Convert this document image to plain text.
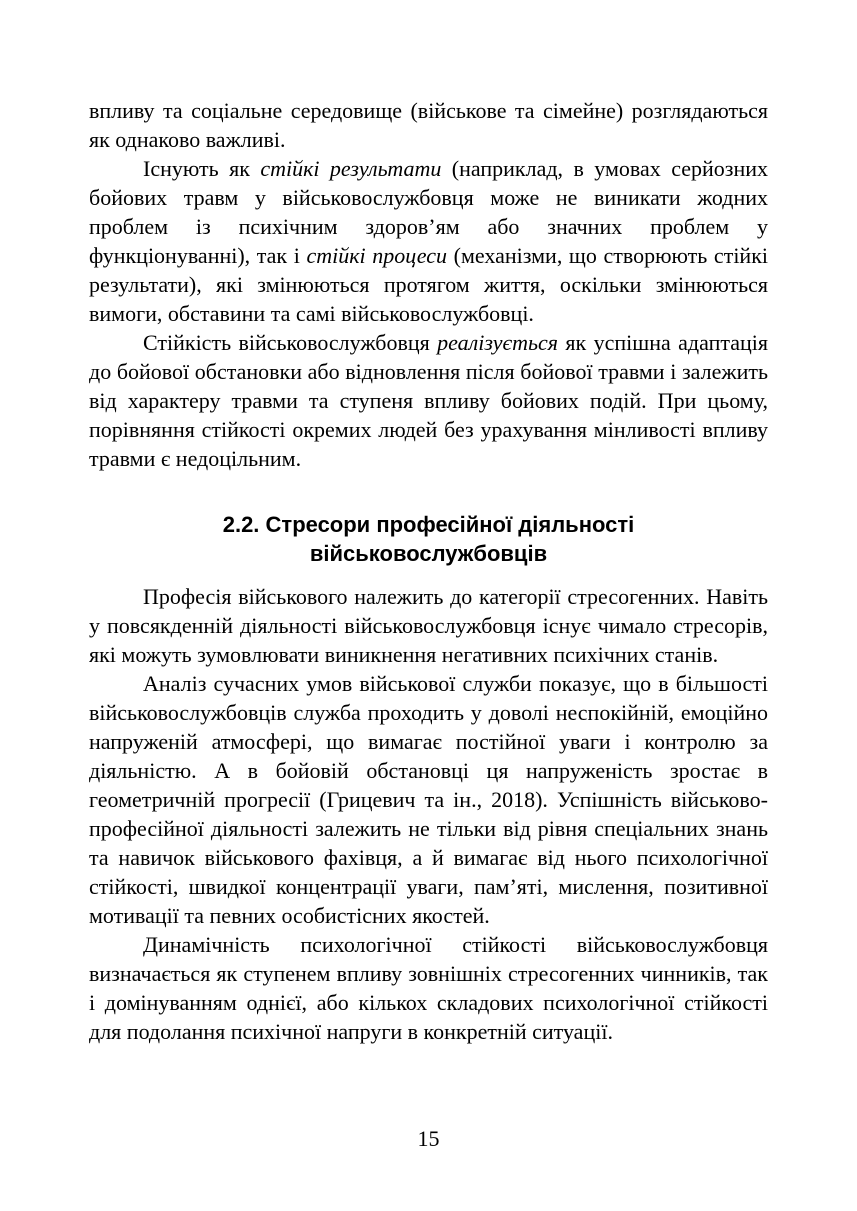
впливу та соціальне середовище (військове та сімейне) розглядаються як однаково важливі.

Існують як стійкі результати (наприклад, в умовах серйозних бойових травм у військовослужбовця може не виникати жодних проблем із психічним здоров’ям або значних проблем у функціонуванні), так і стійкі процеси (механізми, що створюють стійкі результати), які змінюються протягом життя, оскільки змінюються вимоги, обставини та самі військовослужбовці.

Стійкість військовослужбовця реалізується як успішна адаптація до бойової обстановки або відновлення після бойової травми і залежить від характеру травми та ступеня впливу бойових подій. При цьому, порівняння стійкості окремих людей без урахування мінливості впливу травми є недоцільним.

2.2. Стресори професійної діяльності
військовослужбовців

Професія військового належить до категорії стресогенних. Навіть у повсякденній діяльності військовослужбовця існує чимало стресорів, які можуть зумовлювати виникнення негативних психічних станів.

Аналіз сучасних умов військової служби показує, що в більшості військовослужбовців служба проходить у доволі неспокійній, емоційно напруженій атмосфері, що вимагає постійної уваги і контролю за діяльністю. А в бойовій обстановці ця напруженість зростає в геометричній прогресії (Грицевич та ін., 2018). Успішність військово-професійної діяльності залежить не тільки від рівня спеціальних знань та навичок військового фахівця, а й вимагає від нього психологічної стійкості, швидкої концентрації уваги, пам’яті, мислення, позитивної мотивації та певних особистісних якостей.

Динамічність психологічної стійкості військовослужбовця визначається як ступенем впливу зовнішніх стресогенних чинників, так і домінуванням однієї, або кількох складових психологічної стійкості для подолання психічної напруги в конкретній ситуації.

15
